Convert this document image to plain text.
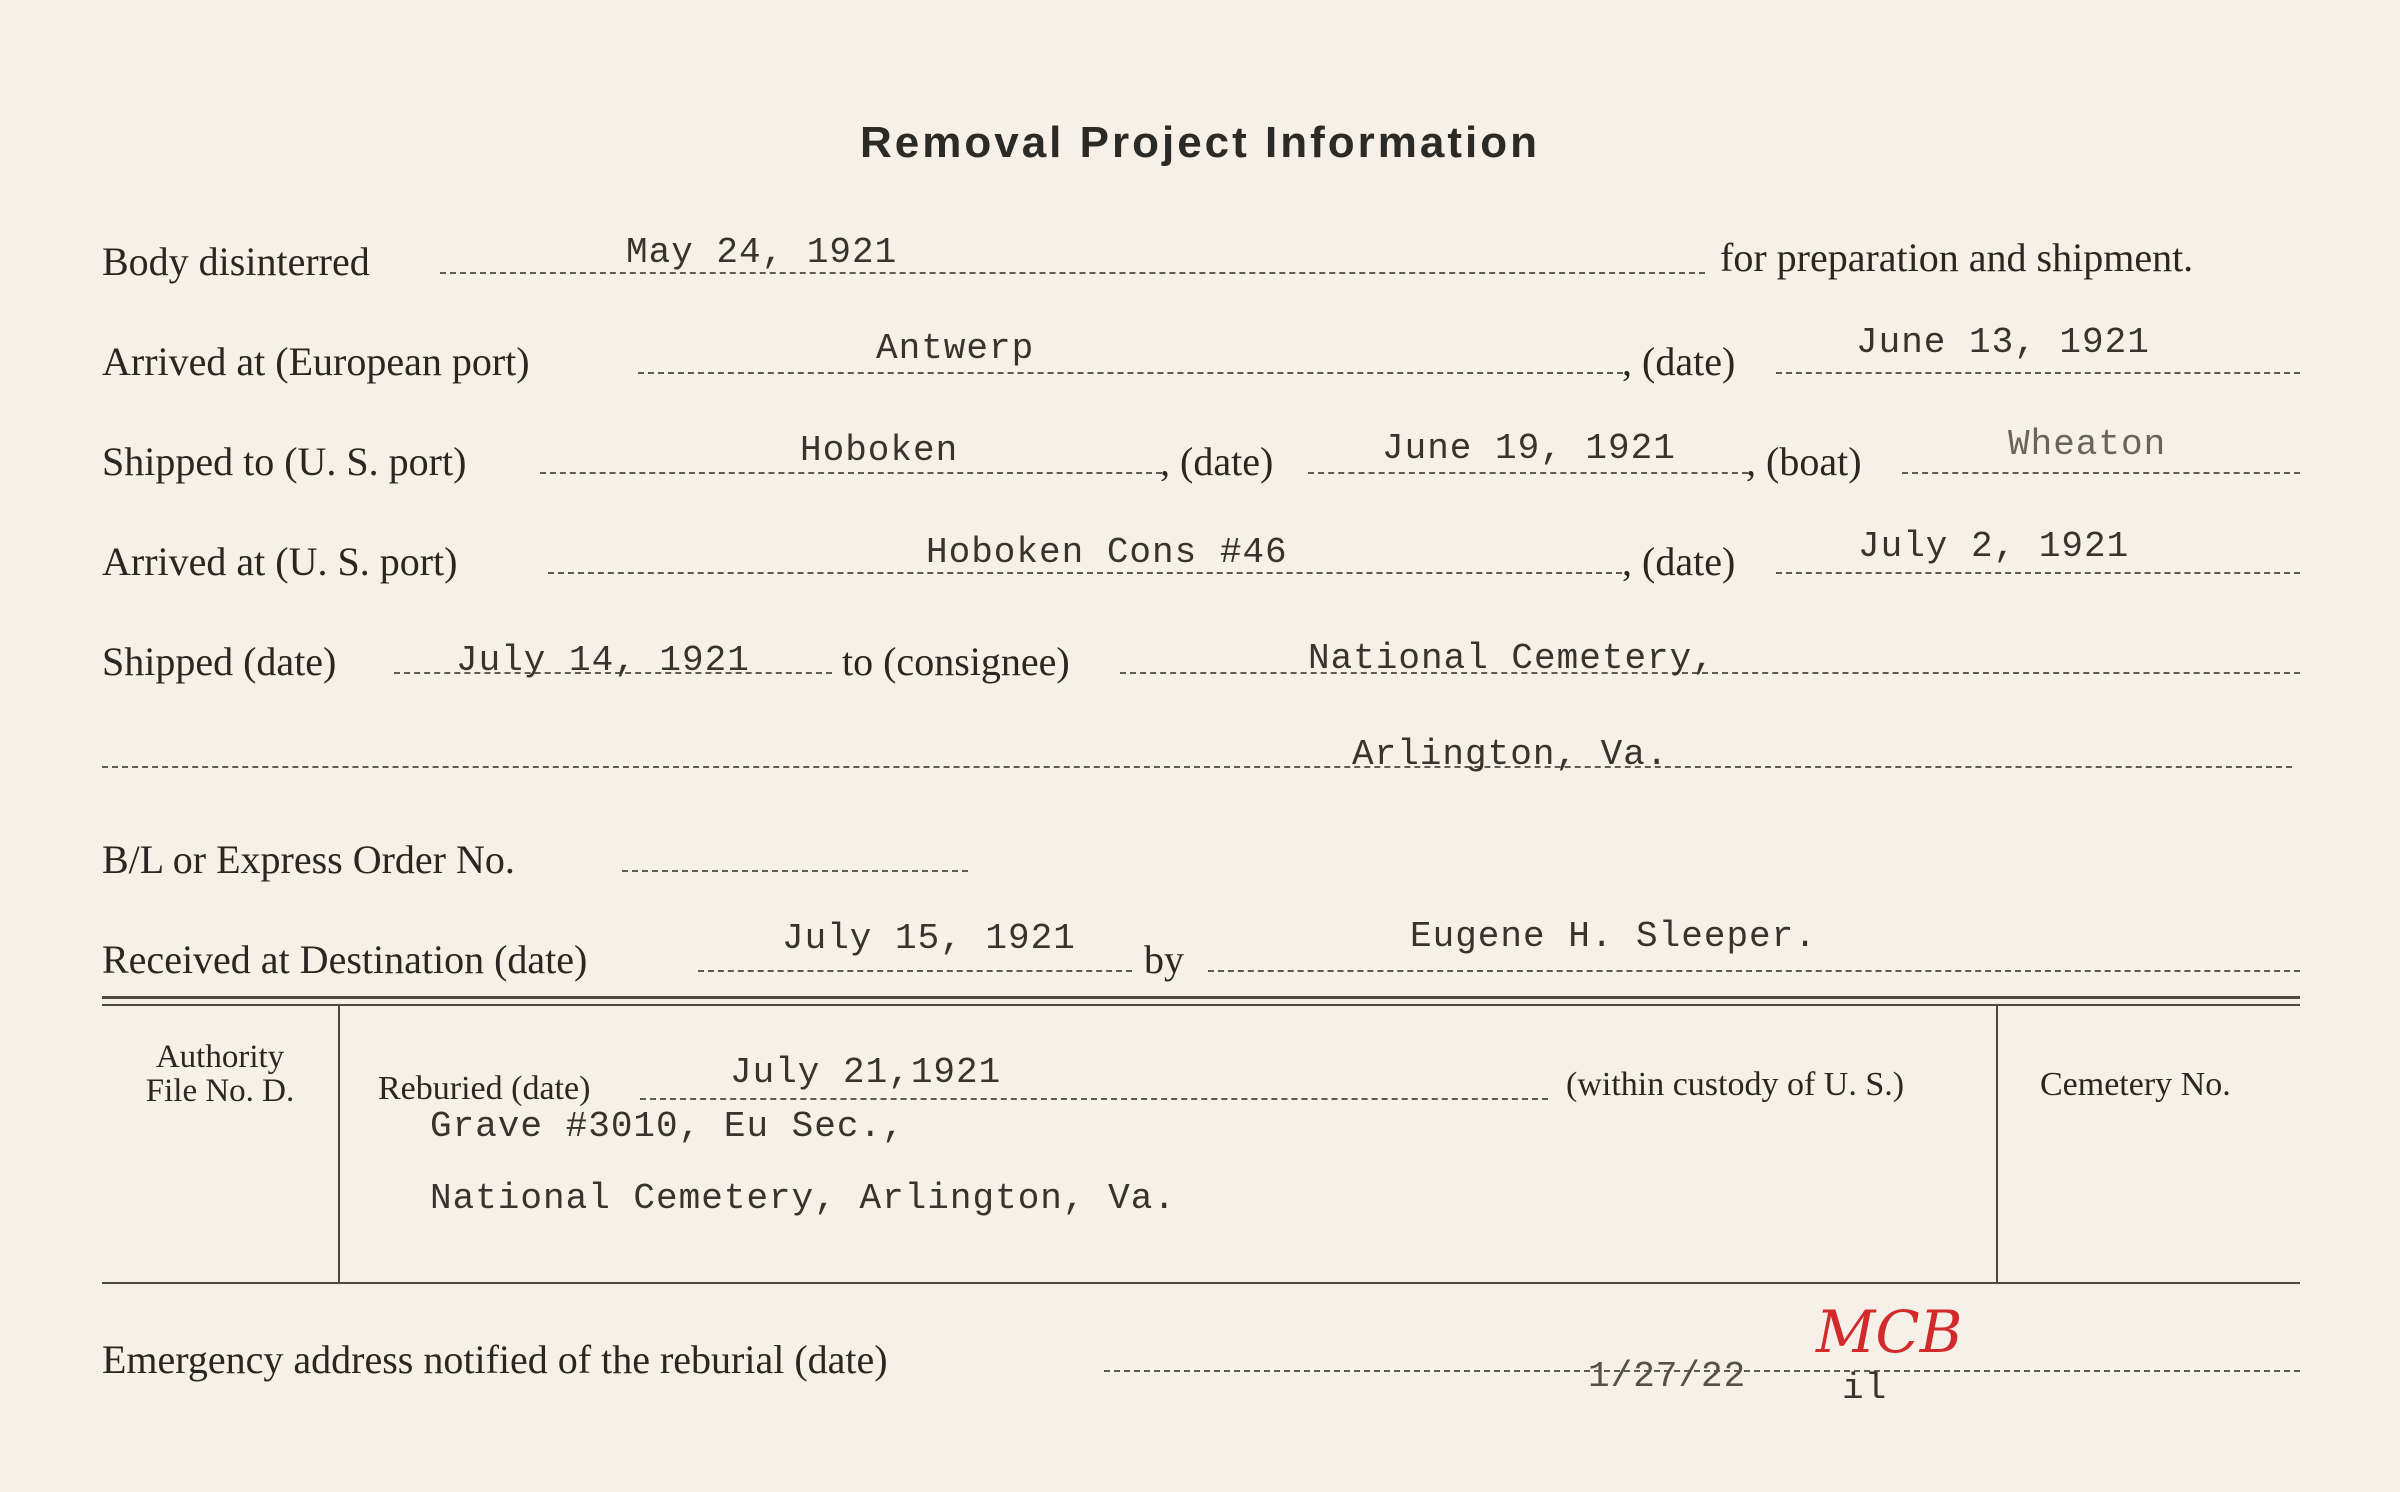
Removal Project Information
Body disinterred	May 24, 1921	for preparation and shipment.
Arrived at (European port)	Antwerp	, (date)	June 13, 1921
Shipped to (U. S. port)	Hoboken	, (date)	June 19, 1921 , (boat)	Wheaton
Arrived at (U. S. port)	Hoboken Cons #46	, (date)	July 2, 1921
Shipped (date)	July 14, 1921 to (consignee)	National Cemetery,
Arlington, Va.
B/L or Express Order No.
Received at Destination (date)	July 15, 1921 by
Eugene H. Sleeper.
Authority
File No. D.	Reburied (date)	July 21,1921	(within custody of U. S.)	Cemetery No.
Grave #3010, Eu Sec.,
National Cemetery, Arlington, Va.
Emergency address notified of the reburial (date)	1/27/22
MCB
il
